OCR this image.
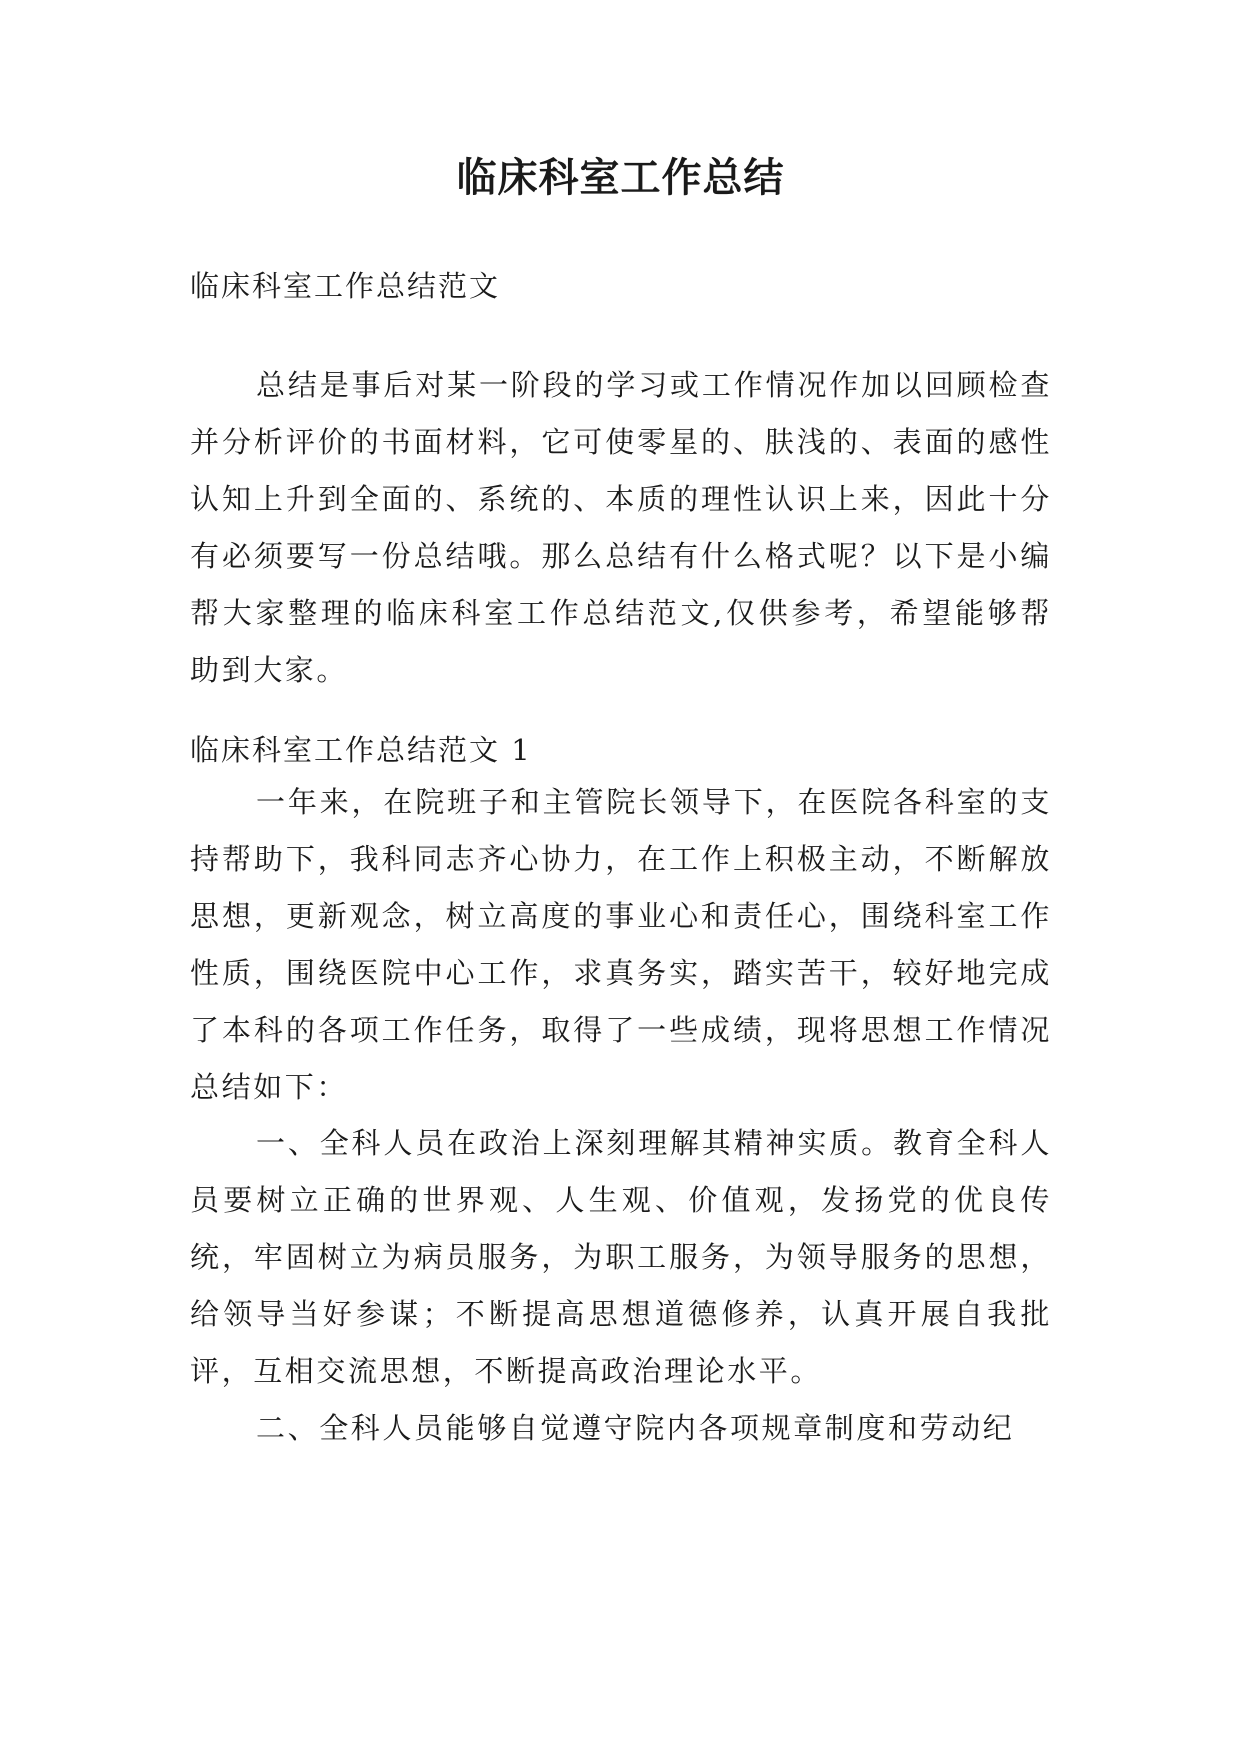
临床科室工作总结
临床科室工作总结范文
总结是事后对某一阶段的学习或工作情况作加以回顾检查并分析评价的书面材料，它可使零星的、肤浅的、表面的感性认知上升到全面的、系统的、本质的理性认识上来，因此十分有必须要写一份总结哦。那么总结有什么格式呢？以下是小编帮大家整理的临床科室工作总结范文,仅供参考，希望能够帮助到大家。
临床科室工作总结范文 1
一年来，在院班子和主管院长领导下，在医院各科室的支持帮助下，我科同志齐心协力，在工作上积极主动，不断解放思想，更新观念，树立高度的事业心和责任心，围绕科室工作性质，围绕医院中心工作，求真务实，踏实苦干，较好地完成了本科的各项工作任务，取得了一些成绩，现将思想工作情况总结如下：
一、全科人员在政治上深刻理解其精神实质。教育全科人员要树立正确的世界观、人生观、价值观，发扬党的优良传统，牢固树立为病员服务，为职工服务，为领导服务的思想，给领导当好参谋；不断提高思想道德修养，认真开展自我批评，互相交流思想，不断提高政治理论水平。
二、全科人员能够自觉遵守院内各项规章制度和劳动纪
